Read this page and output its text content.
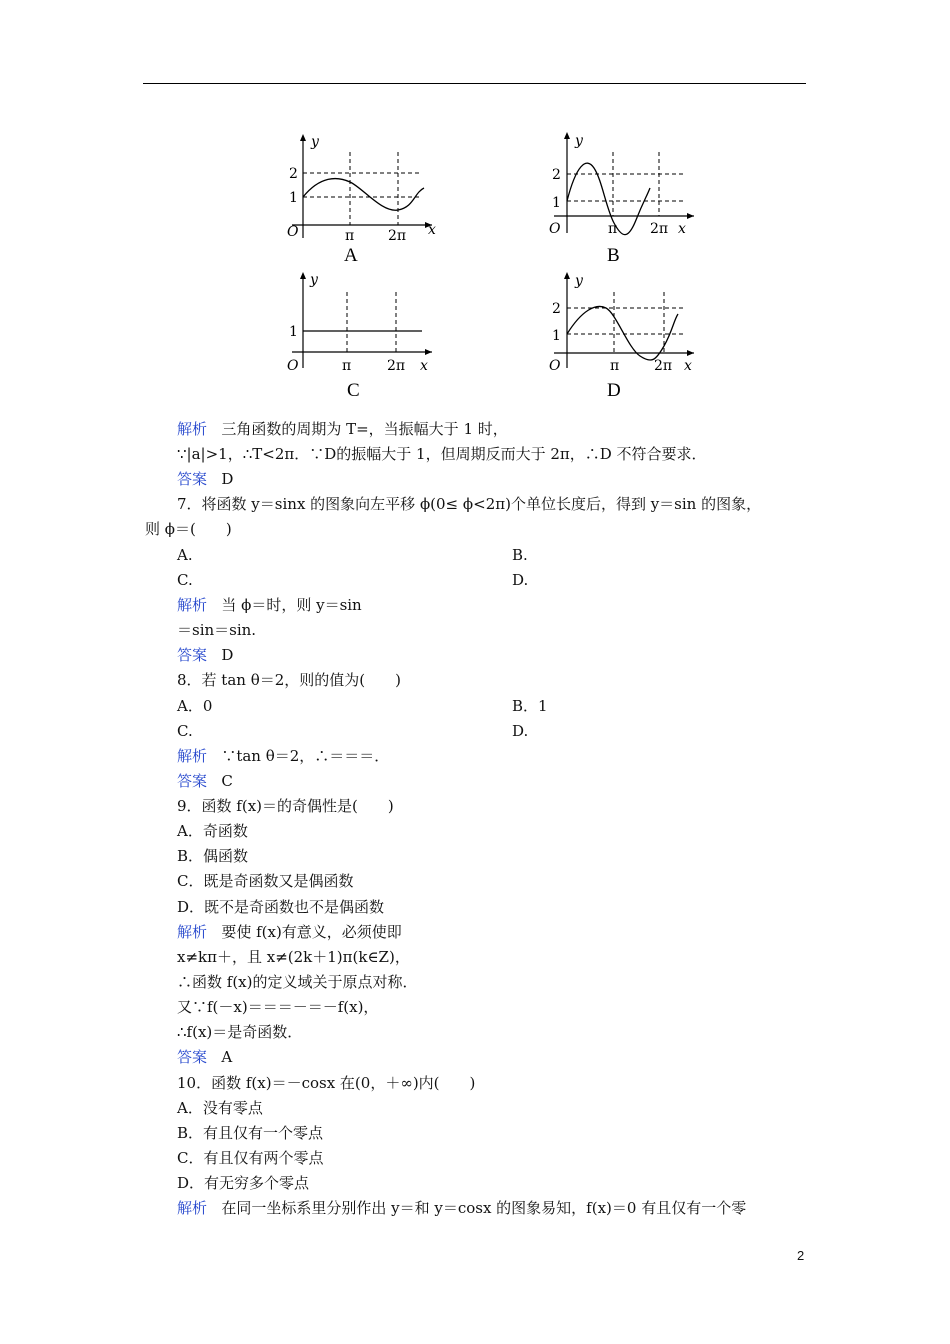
y
x
O
2
1
π 2π
A
y
x
O
2
1
π 2π
B
y
x
O
1
π	2π
C
y
x
O
2
1
π 2π
D
解析 三角函数的周期为 T=，当振幅大于 1 时，
∵|a|>1，∴T<2π．∵D的振幅大于 1，但周期反而大于 2π，∴D 不符合要求．
答案 D
7．将函数 y＝sinx 的图象向左平移 ϕ(0≤ ϕ<2π)个单位长度后，得到 y＝sin 的图象，
则 ϕ＝(　　)
A.	B.
C.	D.
解析 当 ϕ＝时，则 y＝sin
＝sin＝sin.
答案 D
8．若 tan θ＝2，则的值为(　　)
A．0	B．1
C.	D.
解析 ∵tan θ＝2，∴＝＝＝．
答案 C
9．函数 f(x)＝的奇偶性是(　　)
A．奇函数
B．偶函数
C．既是奇函数又是偶函数
D．既不是奇函数也不是偶函数
解析 要使 f(x)有意义，必须使即
x≠kπ＋，且 x≠(2k＋1)π(k∈Z)，
∴函数 f(x)的定义域关于原点对称．
又∵f(－x)＝＝＝－＝－f(x)，
∴f(x)＝是奇函数．
答案 A
10．函数 f(x)＝－cosx 在(0，＋∞)内(　　)
A．没有零点
B．有且仅有一个零点
C．有且仅有两个零点
D．有无穷多个零点
解析 在同一坐标系里分别作出 y＝和 y＝cosx 的图象易知，f(x)＝0 有且仅有一个零
2
